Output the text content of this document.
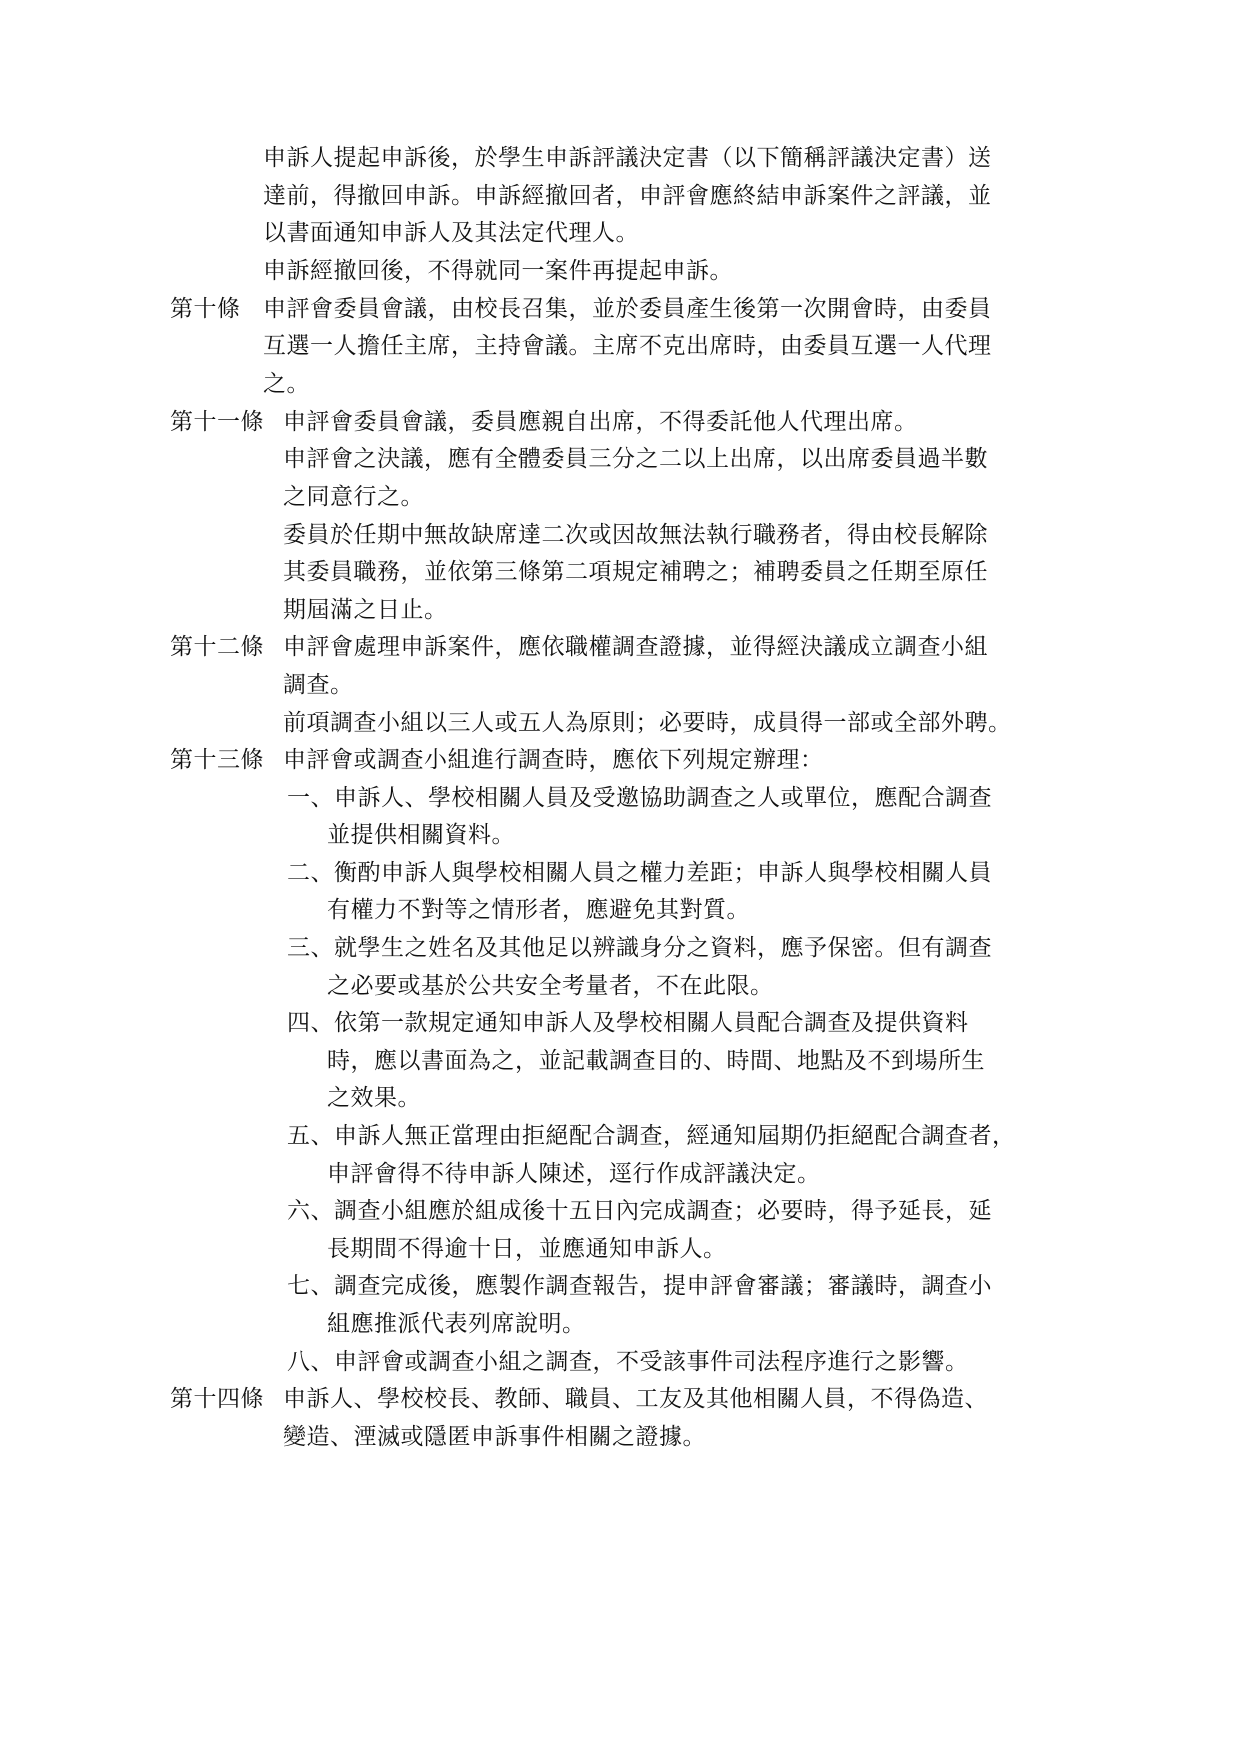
申訴人提起申訴後，於學生申訴評議決定書（以下簡稱評議決定書）送
達前，得撤回申訴。申訴經撤回者，申評會應終結申訴案件之評議，並
以書面通知申訴人及其法定代理人。
申訴經撤回後，不得就同一案件再提起申訴。
第十條 申評會委員會議，由校長召集，並於委員產生後第一次開會時，由委員
互選一人擔任主席，主持會議。主席不克出席時，由委員互選一人代理
之。
第十一條 申評會委員會議，委員應親自出席，不得委託他人代理出席。
申評會之決議，應有全體委員三分之二以上出席，以出席委員過半數
之同意行之。
委員於任期中無故缺席達二次或因故無法執行職務者，得由校長解除
其委員職務，並依第三條第二項規定補聘之；補聘委員之任期至原任
期屆滿之日止。
第十二條 申評會處理申訴案件，應依職權調查證據，並得經決議成立調查小組
調查。
前項調查小組以三人或五人為原則；必要時，成員得一部或全部外聘。
第十三條 申評會或調查小組進行調查時，應依下列規定辦理：
一、申訴人、學校相關人員及受邀協助調查之人或單位，應配合調查
並提供相關資料。
二、衡酌申訴人與學校相關人員之權力差距；申訴人與學校相關人員
有權力不對等之情形者，應避免其對質。
三、就學生之姓名及其他足以辨識身分之資料，應予保密。但有調查
之必要或基於公共安全考量者，不在此限。
四、依第一款規定通知申訴人及學校相關人員配合調查及提供資料
時，應以書面為之，並記載調查目的、時間、地點及不到場所生
之效果。
五、申訴人無正當理由拒絕配合調查，經通知屆期仍拒絕配合調查者，
申評會得不待申訴人陳述，逕行作成評議決定。
六、調查小組應於組成後十五日內完成調查；必要時，得予延長，延
長期間不得逾十日，並應通知申訴人。
七、調查完成後，應製作調查報告，提申評會審議；審議時，調查小
組應推派代表列席說明。
八、申評會或調查小組之調查，不受該事件司法程序進行之影響。
第十四條 申訴人、學校校長、教師、職員、工友及其他相關人員，不得偽造、
變造、湮滅或隱匿申訴事件相關之證據。
